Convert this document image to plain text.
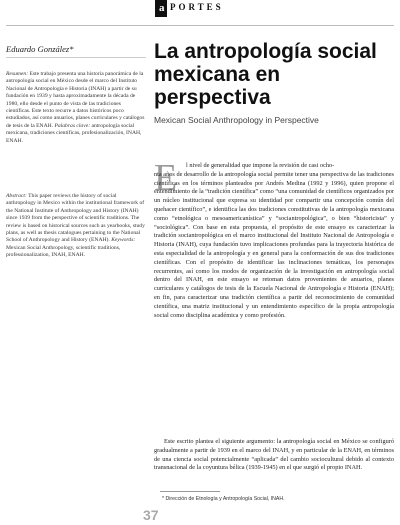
a PORTES
Eduardo González*
Resumen: Este trabajo presenta una historia panorámica de la antropología social en México desde el marco del Instituto Nacional de Antropología e Historia (INAH) a partir de su fundación en 1939 y hasta aproximadamente la década de 1980, ello desde el punto de vista de las tradiciones científicas. Este texto recurre a datos históricos poco estudiados, así como anuarios, planes curriculares y catálogos de tesis de la ENAH. Palabras clave: antropología social mexicana, tradiciones científicas, profesionalización, INAH, ENAH.
Abstract: This paper reviews the history of social anthropology in Mexico within the institutional framework of the National Institute of Anthropology and History (INAH) since 1939 from the perspective of scientific traditions. The review is based on historical sources such as yearbooks, study plans, as well as thesis catalogues pertaining to the National School of Anthropology and History (ENAH). Keywords: Mexican Social Anthropology, scientific traditions, professionalization, INAH, ENAH.
La antropología social mexicana en perspectiva
Mexican Social Anthropology in Perspective
E	l nivel de generalidad que impone la revisión de casi ocho-
nta años de desarrollo de la antropología social permite tener una perspectiva de las tradiciones científicas en los términos planteados por Andrés Medina (1992 y 1996), quien propone el entendimiento de la “tradición científica” como “una comunidad de científicos organizados por un núcleo institucional que expresa su identidad por compartir una concepción común del quehacer científico”, e identifica las dos tradiciones constitutivas de la antropología mexicana como “etnológica o mesoamericanística” y “sociantropológica”, o bien “historicista” y “sociológica”. Con base en esta propuesta, el propósito de este ensayo es caracterizar la tradición sociantropológica en el marco institucional del Instituto Nacional de Antropología e Historia (INAH), cuya fundación tuvo implicaciones profundas para la trayectoria histórica de esta especialidad de la antropología y en general para la conformación de sus dos tradiciones científicas. Con el propósito de identificar las inclinaciones temáticas, los personajes recurrentes, así como los modos de organización de la investigación en antropología social dentro del INAH, en este ensayo se retoman datos provenientes de anuarios, planes curriculares y catálogos de tesis de la Escuela Nacional de Antropología e Historia (ENAH); en fin, para caracterizar una tradición científica a partir del reconocimiento de comunidad científica, una matriz institucional y un entendimiento específico de la propia antropología social como disciplina académica y como profesión.
Este escrito plantea el siguiente argumento: la antropología social en México se configuró gradualmente a partir de 1939 en el marco del INAH, y en particular de la ENAH, en términos de una ciencia social potencialmente “aplicada” del cambio sociocultural debido al contexto transnacional de la coyuntura bélica (1939-1945) en el que surgió el propio INAH.
* Dirección de Etnología y Antropología Social, INAH.
37
